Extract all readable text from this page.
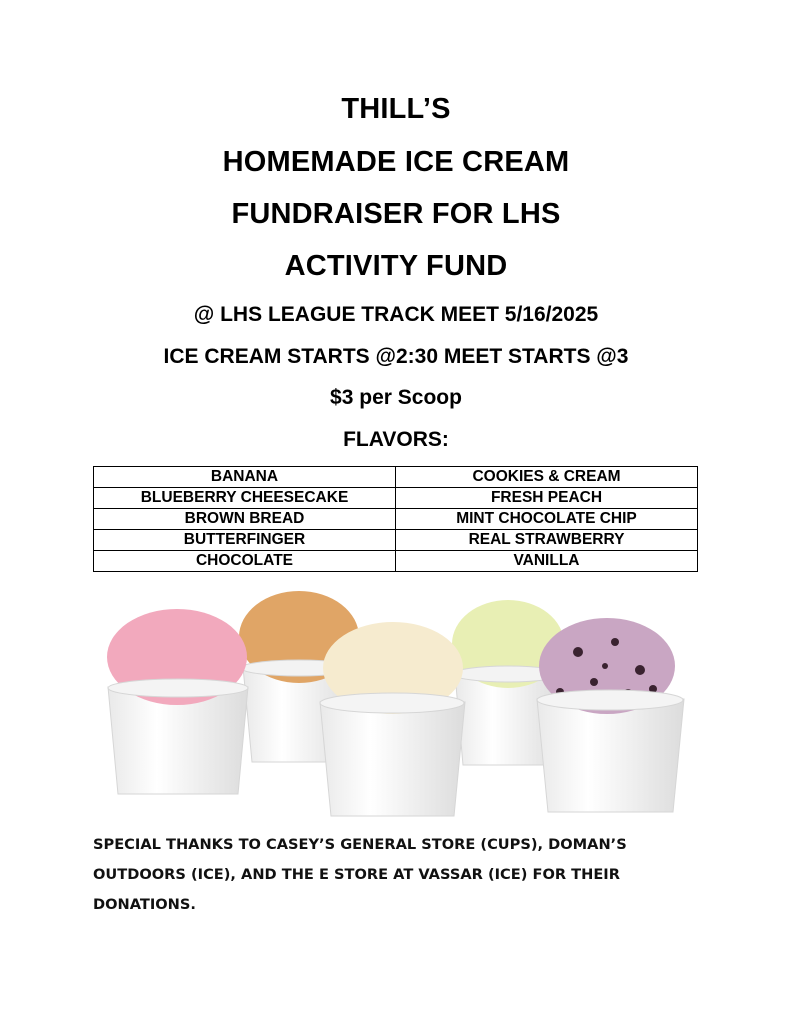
THILL’S
HOMEMADE ICE CREAM
FUNDRAISER FOR LHS
ACTIVITY FUND
@ LHS LEAGUE TRACK MEET 5/16/2025
ICE CREAM STARTS @2:30 MEET STARTS @3
$3 per Scoop
FLAVORS:
BANANA	COOKIES & CREAM
BLUEBERRY CHEESECAKE	FRESH PEACH
BROWN BREAD	MINT CHOCOLATE CHIP
BUTTERFINGER	REAL STRAWBERRY
CHOCOLATE	VANILLA
SPECIAL THANKS TO CASEY’S GENERAL STORE (CUPS), DOMAN’S OUTDOORS (ICE), AND THE E STORE AT VASSAR (ICE) FOR THEIR DONATIONS.
